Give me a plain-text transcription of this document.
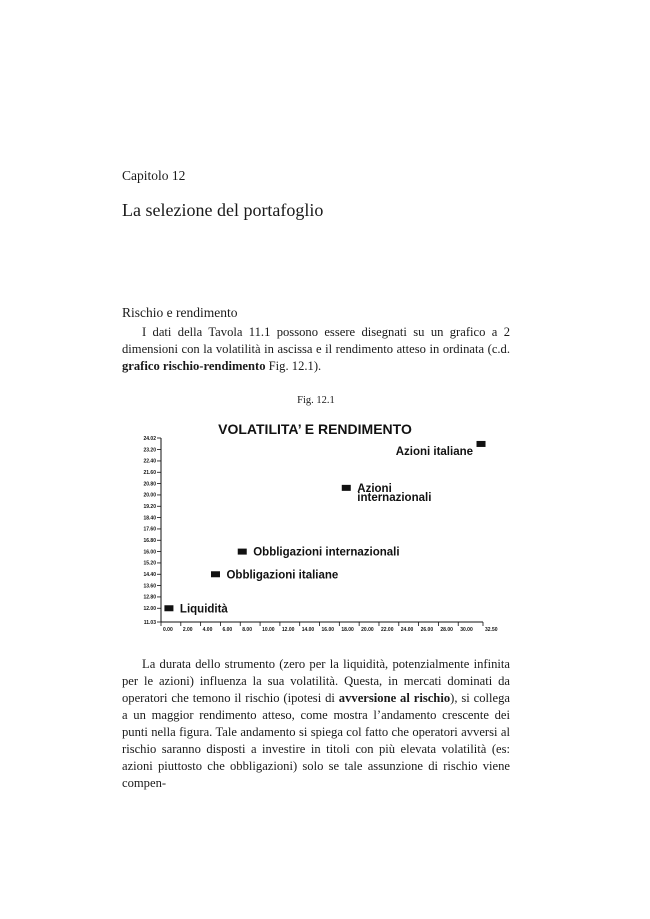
Capitolo 12
La selezione del portafoglio
Rischio e rendimento

I dati della Tavola 11.1 possono essere disegnati su un grafico a 2 dimensioni con la volatilità in ascissa e il rendimento atteso in ordinata (c.d. grafico rischio-rendimento Fig. 12.1).

Fig. 12.1
VOLATILITA’ E RENDIMENTO
11.03
12.00
12.80
13.60
14.40
15.20
16.00
16.80
17.60
18.40
19.20
20.00
20.80
21.60
22.40
23.20
24.02
0.00 2.00 4.00 6.00 8.00 10.00 12.00 14.00 16.00 18.00 20.00 22.00 24.00 26.00 28.00 30.00 32.50
Liquidità
Obbligazioni italiane
Obbligazioni internazionali
Azioni
internazionali
Azioni italiane

La durata dello strumento (zero per la liquidità, potenzialmente infinita per le azioni) influenza la sua volatilità. Questa, in mercati dominati da operatori che temono il rischio (ipotesi di avversione al rischio), si collega a un maggior rendimento atteso, come mostra l’andamento crescente dei punti nella figura. Tale andamento si spiega col fatto che operatori avversi al rischio saranno disposti a investire in titoli con più elevata volatilità (es: azioni piuttosto che obbligazioni) solo se tale assunzione di rischio viene compen-
